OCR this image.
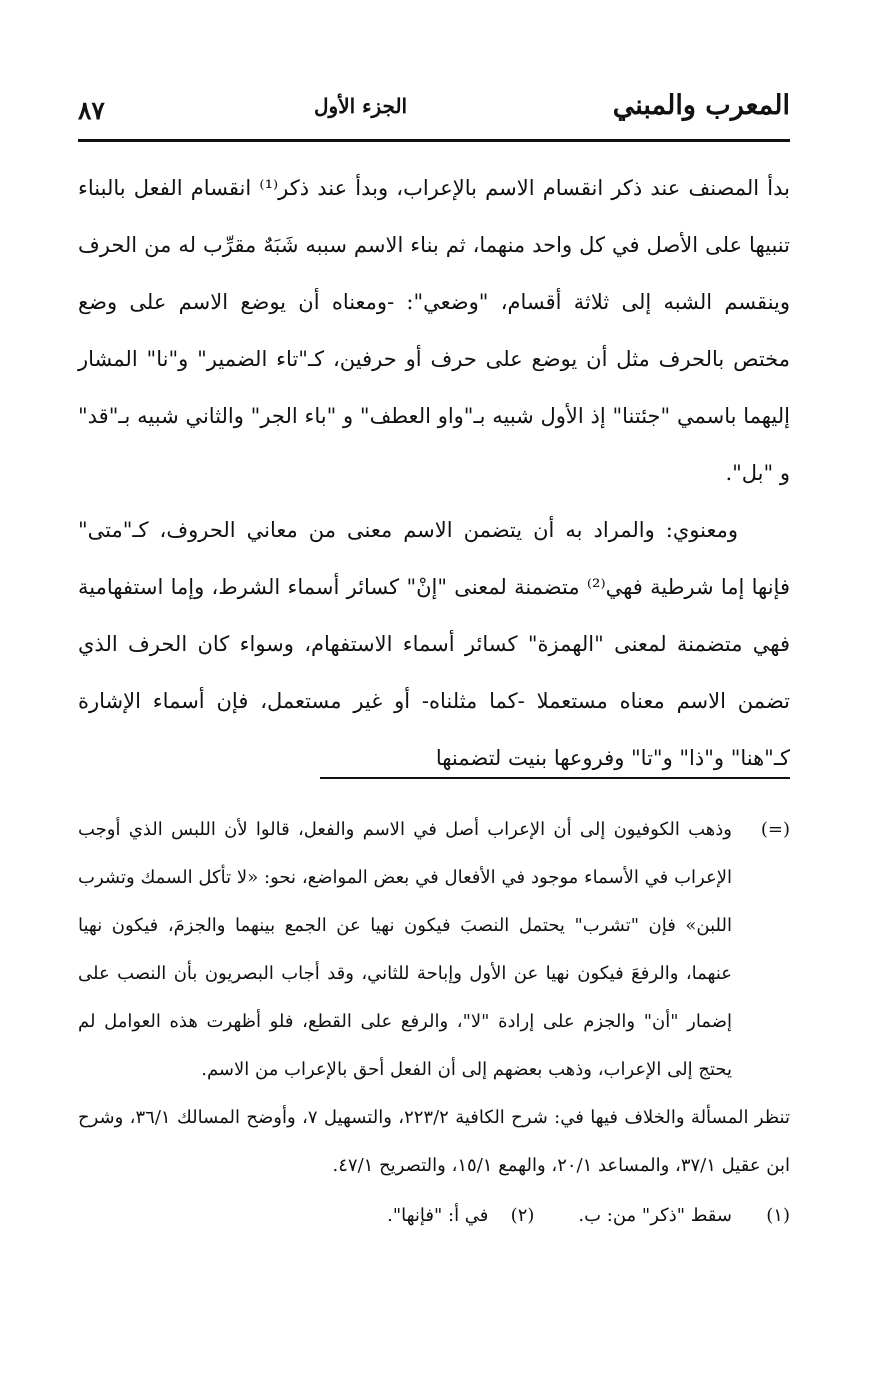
المعرب والمبني
الجزء الأول
٨٧

بدأ المصنف عند ذكر انقسام الاسم بالإعراب، وبدأ عند ذكر⁽¹⁾ انقسام الفعل بالبناء تنبيها على الأصل في كل واحد منهما، ثم بناء الاسم سببه شَبَهٌ مقرِّب له من الحرف وينقسم الشبه إلى ثلاثة أقسام، "وضعي": -ومعناه أن يوضع الاسم على وضع مختص بالحرف مثل أن يوضع على حرف أو حرفين، كـ"تاء الضمير" و"نا" المشار إليهما باسمي "جئتنا" إذ الأول شبيه بـ"واو العطف" و "باء الجر" والثاني شبيه بـ"قد" و "بل".

ومعنوي: والمراد به أن يتضمن الاسم معنى من معاني الحروف، كـ"متى" فإنها إما شرطية فهي⁽²⁾ متضمنة لمعنى "إنْ" كسائر أسماء الشرط، وإما استفهامية فهي متضمنة لمعنى "الهمزة" كسائر أسماء الاستفهام، وسواء كان الحرف الذي تضمن الاسم معناه مستعملا -كما مثلناه- أو غير مستعمل، فإن أسماء الإشارة كـ"هنا" و"ذا" و"تا" وفروعها بنيت لتضمنها

(=)
وذهب الكوفيون إلى أن الإعراب أصل في الاسم والفعل، قالوا لأن اللبس الذي أوجب الإعراب في الأسماء موجود في الأفعال في بعض المواضع، نحو: «لا تأكل السمك وتشرب اللبن» فإن "تشرب" يحتمل النصبَ فيكون نهيا عن الجمع بينهما والجزمَ، فيكون نهيا عنهما، والرفعَ فيكون نهيا عن الأول وإباحة للثاني، وقد أجاب البصريون بأن النصب على إضمار "أن" والجزم على إرادة "لا"، والرفع على القطع، فلو أظهرت هذه العوامل لم يحتج إلى الإعراب، وذهب بعضهم إلى أن الفعل أحق بالإعراب من الاسم.
تنظر المسألة والخلاف فيها في: شرح الكافية ٢٢٣/٢، والتسهيل ٧، وأوضح المسالك ٣٦/١، وشرح ابن عقيل ٣٧/١، والمساعد ٢٠/١، والهمع ١٥/١، والتصريح ٤٧/١.
(١)
سقط "ذكر" من: ب.
(٢)
في أ: "فإنها".
